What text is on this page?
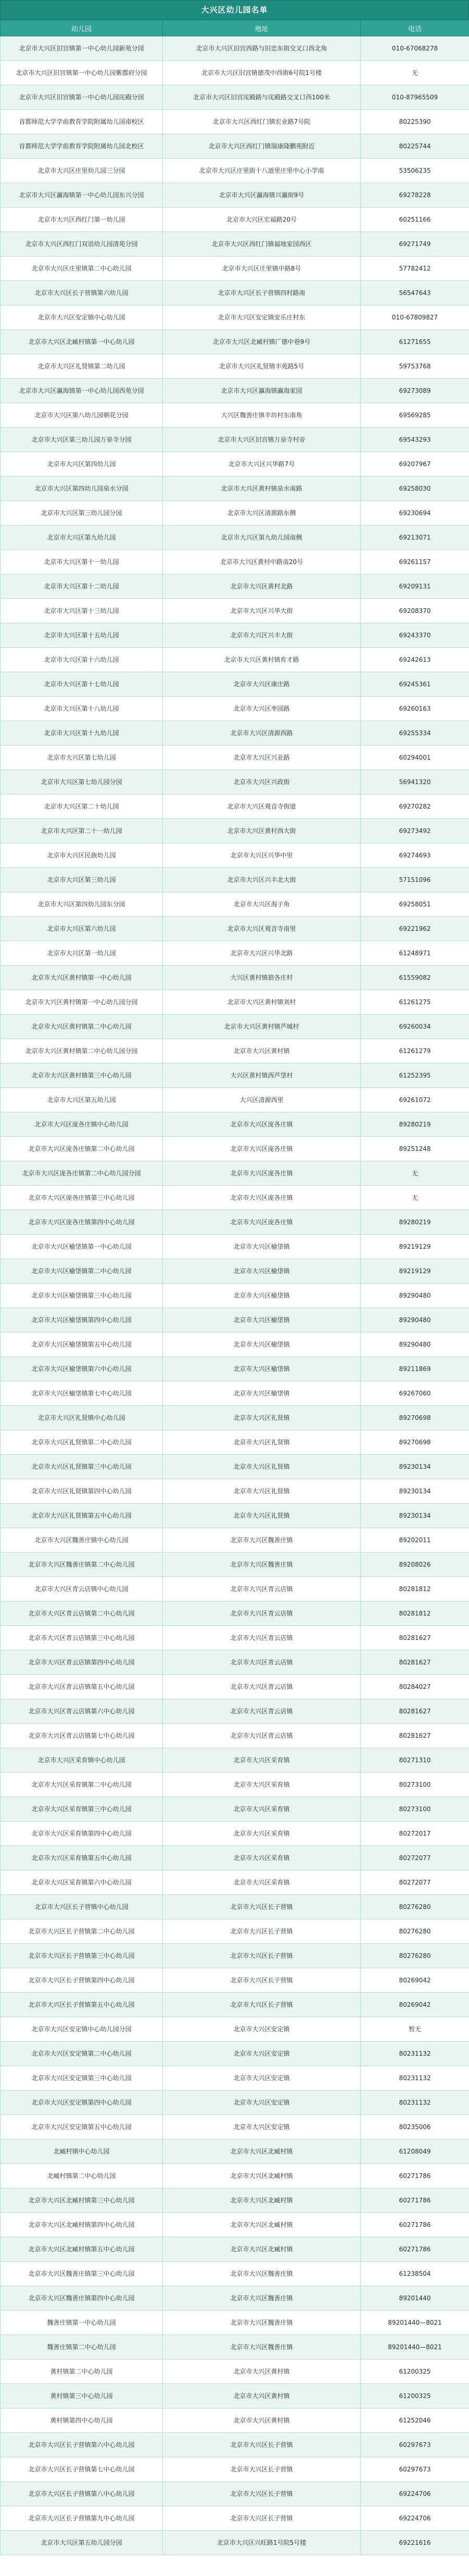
大兴区幼儿园名单
幼儿园	地址	电话
北京市大兴区旧宫镇第一中心幼儿园新苑分园	北京市大兴区旧宫西路与旧忠东街交叉口西北角	010-67068278
北京市大兴区旧宫镇第一中心幼儿园紫郡府分园	北京市大兴区旧宫镇德茂中西街6号院1号楼	无
北京市大兴区旧宫镇第一中心幼儿园庑殿分园	北京市大兴区旧宫庑殿路与庑殿路交叉口西100米	010-87965509
首都师范大学学前教育学院附属幼儿园南校区	北京市大兴区西红门镇宏业路7号院	80225390
首都师范大学学前教育学院附属幼儿园北校区	北京市大兴区西红门镇瑞康隆鹏苑附近	80225744
北京市大兴区庄里幼儿园三分园	北京市大兴区庄里街十八道里庄里中心小学南	53506235
北京市大兴区瀛海镇第一中心幼儿园东兴分园	北京市大兴区瀛海镇兴瀛街9号	69278228
北京市大兴区西红门第一幼儿园	北京市大兴区宏福路20号	60251166
北京市大兴区西红门双语幼儿园清苑分园	北京市大兴区西红门镇福地家园西区	69271749
北京市大兴区庄里镇第二中心幼儿园	北京市大兴区庄里镇中路8号	57782412
北京市大兴区长子营镇第六幼儿园	北京市大兴区长子营镇四村路南	56547643
北京市大兴区安定镇中心幼儿园	北京市大兴区安定镇安乐庄村东	010-67809827
北京市大兴区北臧村镇第一中心幼儿园	北京市大兴区北臧村镇广德中巷9号	61271655
北京市大兴区礼贤镇第二幼儿园	北京市大兴区礼贤镇丰苑路5号	59753768
北京市大兴区瀛海镇第一中心幼儿园西苑分园	北京市大兴区瀛海镇瀛海家园	69273089
北京市大兴区第八幼儿园朝花分园	大兴区魏善庄镇羊坊村东南角	69569285
北京市大兴区第三幼儿园万泉寺分园	北京市大兴区旧宫镇万泉寺村旁	69543293
北京市大兴区第四幼儿园	北京市大兴区兴华路7号	69207967
北京市大兴区第四幼儿园泉水分园	北京市大兴区黄村镇泉水南路	69258030
北京市大兴区第三幼儿园分园	北京市大兴区清源路东侧	69230694
北京市大兴区第九幼儿园	北京市大兴区第九幼儿园南侧	69213071
北京市大兴区第十一幼儿园	北京市大兴区黄村中路南20号	69261157
北京市大兴区第十二幼儿园	北京市大兴区黄村北路	69209131
北京市大兴区第十三幼儿园	北京市大兴区兴华大街	69208370
北京市大兴区第十五幼儿园	北京市大兴区兴丰大街	69243370
北京市大兴区第十六幼儿园	北京市大兴区黄村镇育才路	69242613
北京市大兴区第十七幼儿园	北京市大兴区康庄路	69245361
北京市大兴区第十八幼儿园	北京市大兴区枣园路	69260163
北京市大兴区第十九幼儿园	北京市大兴区清源西路	69255334
北京市大兴区第七幼儿园	北京市大兴区兴业路	60294001
北京市大兴区第七幼儿园分园	北京市大兴区兴政街	56941320
北京市大兴区第二十幼儿园	北京市大兴区观音寺街道	69270282
北京市大兴区第二十一幼儿园	北京市大兴区黄村西大街	69273492
北京市大兴区民族幼儿园	北京市大兴区兴华中里	69274693
北京市大兴区第三幼儿园	北京市大兴区兴丰北大街	57151096
北京市大兴区第四幼儿园东分园	北京市大兴区海子角	69258051
北京市大兴区第六幼儿园	北京市大兴区观音寺南里	69221962
北京市大兴区第一幼儿园	北京市大兴区兴华北路	61248971
北京市大兴区黄村镇第一中心幼儿园	大兴区黄村镇狼各庄村	61559082
北京市大兴区黄村镇第一中心幼儿园分园	北京市大兴区黄村镇刘村	61261275
北京市大兴区黄村镇第二中心幼儿园	北京市大兴区黄村镇芦城村	69260034
北京市大兴区黄村镇第二中心幼儿园分园	北京市大兴区黄村镇	61261279
北京市大兴区黄村镇第三中心幼儿园	大兴区黄村镇西芦垡村	61252395
北京市大兴区第五幼儿园	大兴区清源西里	69261072
北京市大兴区庞各庄镇中心幼儿园	北京市大兴区庞各庄镇	89280219
北京市大兴区庞各庄镇第二中心幼儿园	北京市大兴区庞各庄镇	89251248
北京市大兴区庞各庄镇第二中心幼儿园分园	北京市大兴区庞各庄镇	无
北京市大兴区庞各庄镇第三中心幼儿园	北京市大兴区庞各庄镇	无
北京市大兴区庞各庄镇第四中心幼儿园	北京市大兴区庞各庄镇	89280219
北京市大兴区榆垡镇第一中心幼儿园	北京市大兴区榆垡镇	89219129
北京市大兴区榆垡镇第二中心幼儿园	北京市大兴区榆垡镇	89219129
北京市大兴区榆垡镇第三中心幼儿园	北京市大兴区榆垡镇	89290480
北京市大兴区榆垡镇第四中心幼儿园	北京市大兴区榆垡镇	89290480
北京市大兴区榆垡镇第五中心幼儿园	北京市大兴区榆垡镇	89290480
北京市大兴区榆垡镇第六中心幼儿园	北京市大兴区榆垡镇	89211869
北京市大兴区榆垡镇第七中心幼儿园	北京市大兴区榆垡镇	69267060
北京市大兴区礼贤镇中心幼儿园	北京市大兴区礼贤镇	89270698
北京市大兴区礼贤镇第二中心幼儿园	北京市大兴区礼贤镇	89270698
北京市大兴区礼贤镇第三中心幼儿园	北京市大兴区礼贤镇	89230134
北京市大兴区礼贤镇第四中心幼儿园	北京市大兴区礼贤镇	89230134
北京市大兴区礼贤镇第五中心幼儿园	北京市大兴区礼贤镇	89230134
北京市大兴区魏善庄镇中心幼儿园	北京市大兴区魏善庄镇	89202011
北京市大兴区魏善庄镇第二中心幼儿园	北京市大兴区魏善庄镇	89208026
北京市大兴区青云店镇中心幼儿园	北京市大兴区青云店镇	80281812
北京市大兴区青云店镇第二中心幼儿园	北京市大兴区青云店镇	80281812
北京市大兴区青云店镇第三中心幼儿园	北京市大兴区青云店镇	80281627
北京市大兴区青云店镇第四中心幼儿园	北京市大兴区青云店镇	80281627
北京市大兴区青云店镇第五中心幼儿园	北京市大兴区青云店镇	80284027
北京市大兴区青云店镇第六中心幼儿园	北京市大兴区青云店镇	80281627
北京市大兴区青云店镇第七中心幼儿园	北京市大兴区青云店镇	80281627
北京市大兴区采育镇中心幼儿园	北京市大兴区采育镇	80271310
北京市大兴区采育镇第二中心幼儿园	北京市大兴区采育镇	80273100
北京市大兴区采育镇第三中心幼儿园	北京市大兴区采育镇	80273100
北京市大兴区采育镇第四中心幼儿园	北京市大兴区采育镇	80272017
北京市大兴区采育镇第五中心幼儿园	北京市大兴区采育镇	80272077
北京市大兴区采育镇第六中心幼儿园	北京市大兴区采育镇	80272077
北京市大兴区长子营镇中心幼儿园	北京市大兴区长子营镇	80276280
北京市大兴区长子营镇第二中心幼儿园	北京市大兴区长子营镇	80276280
北京市大兴区长子营镇第三中心幼儿园	北京市大兴区长子营镇	80276280
北京市大兴区长子营镇第四中心幼儿园	北京市大兴区长子营镇	80269042
北京市大兴区长子营镇第五中心幼儿园	北京市大兴区长子营镇	80269042
北京市大兴区安定镇中心幼儿园分园	北京市大兴区安定镇	暂无
北京市大兴区安定镇第二中心幼儿园	北京市大兴区安定镇	80231132
北京市大兴区安定镇第三中心幼儿园	北京市大兴区安定镇	80231132
北京市大兴区安定镇第四中心幼儿园	北京市大兴区安定镇	80231132
北京市大兴区安定镇第五中心幼儿园	北京市大兴区安定镇	80235006
北臧村镇中心幼儿园	北京市大兴区北臧村镇	61208049
北臧村镇第二中心幼儿园	北京市大兴区北臧村镇	60271786
北京市大兴区北臧村镇第三中心幼儿园	北京市大兴区北臧村镇	60271786
北京市大兴区北臧村镇第四中心幼儿园	北京市大兴区北臧村镇	60271786
北京市大兴区北臧村镇第五中心幼儿园	北京市大兴区北臧村镇	60271786
北京市大兴区魏善庄镇第三中心幼儿园	北京市大兴区魏善庄镇	61238504
北京市大兴区魏善庄镇第四中心幼儿园	北京市大兴区魏善庄镇	89201440
魏善庄镇第一中心幼儿园	北京市大兴区魏善庄镇	89201440—8021
魏善庄镇第二中心幼儿园	北京市大兴区魏善庄镇	89201440—8021
黄村镇第二中心幼儿园	北京市大兴区黄村镇	61200325
黄村镇第三中心幼儿园	北京市大兴区黄村镇	61200325
黄村镇第四中心幼儿园	北京市大兴区黄村镇	61252046
北京市大兴区长子营镇第六中心幼儿园	北京市大兴区长子营镇	60297673
北京市大兴区长子营镇第七中心幼儿园	北京市大兴区长子营镇	60297673
北京市大兴区长子营镇第八中心幼儿园	北京市大兴区长子营镇	69224706
北京市大兴区长子营镇第九中心幼儿园	北京市大兴区长子营镇	69224706
北京市大兴区第五幼儿园分园	北京市大兴区兴旺路1号院5号楼	69221616
